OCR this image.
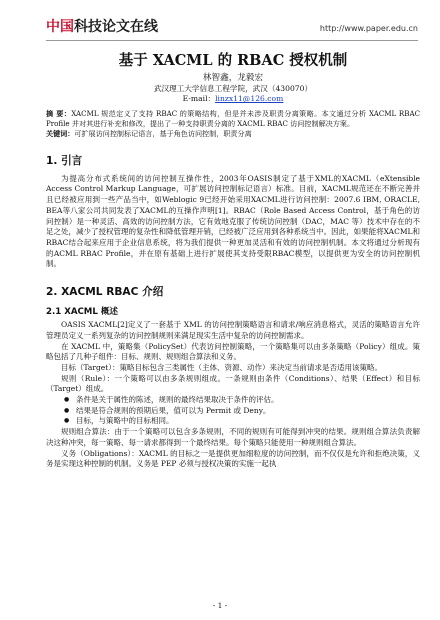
中国科技论文在线	http://www.paper.edu.cn
基于 XACML 的 RBAC 授权机制
林智鑫，龙毅宏
武汉理工大学信息工程学院，武汉（430070）
E-mail：linzx11@126.com
摘 要：XACML 规范定义了支持 RBAC 的策略结构，但是并未涉及职责分离策略。本文通过分析 XACML RBAC Profile 并对其进行补充和修改，提出了一种支持职责分离的 XACML RBAC 访问控制解决方案。
关键词：可扩展访问控制标记语言，基于角色访问控制，职责分离
1. 引言

为提高分布式系统间的访问控制互操作性，2003年OASIS制定了基于XML的XACML（eXtensible Access Control Markup Language，可扩展访问控制标记语言）标准。目前，XACML规范还在不断完善并且已经被应用到一些产品当中，如Weblogic 9已经开始采用XACML进行访问控制：2007.6 IBM, ORACLE, BEA等八家公司共同发表了XACML的互操作声明[1]。RBAC（Role Based Access Control，基于角色的访问控制）是一种灵活、高效的访问控制方法，它有效地克服了传统访问控制（DAC，MAC 等）技术中存在的不足之处，减少了授权管理的复杂性和降低管理开销，已经被广泛应用到各种系统当中。因此，如果能将XACML和RBAC结合起来应用于企业信息系统，将为我们提供一种更加灵活和有效的访问控制机制。本文将通过分析现有的ACML RBAC Profile，并在原有基础上进行扩展使其支持受限RBAC模型，以提供更为安全的访问控制机制。

2. XACML RBAC 介绍
2.1 XACML 概述

OASIS XACML[2]定义了一套基于 XML 的访问控制策略语言和请求/响应消息格式，灵活的策略语言允许管理员定义一系列复杂的访问控制规则来满足现实生活中复杂的访问控制需求。

在 XACML 中，策略集（PolicySet）代表访问控制策略，一个策略集可以由多条策略（Policy）组成。策略包括了几种子组件：目标、规则、规则组合算法和义务。

目标（Target）：策略目标包含三类属性（主体、资源、动作）来决定当前请求是否适用该策略。

规则（Rule）：一个策略可以由多条规则组成。一条规则由条件（Conditions）、结果（Effect）和目标（Target）组成。

● 条件是关于属性的陈述，规则的最终结果取决于条件的评估。
● 结果是符合规则的预期后果，值可以为 Permit 或 Deny。
● 目标，与策略中的目标相同。

规则组合算法：由于一个策略可以包含多条规则，不同的规则有可能得到冲突的结果。规则组合算法负责解决这种冲突，每一策略、每一请求都得到一个最终结果。每个策略只能使用一种规则组合算法。

义务（Obligations）：XACML 的目标之一是提供更加细粒度的访问控制，而不仅仅是允许和拒绝决策，义务是实现这种控制的机制。义务是 PEP 必须与授权决策的实施一起执

- 1 -
